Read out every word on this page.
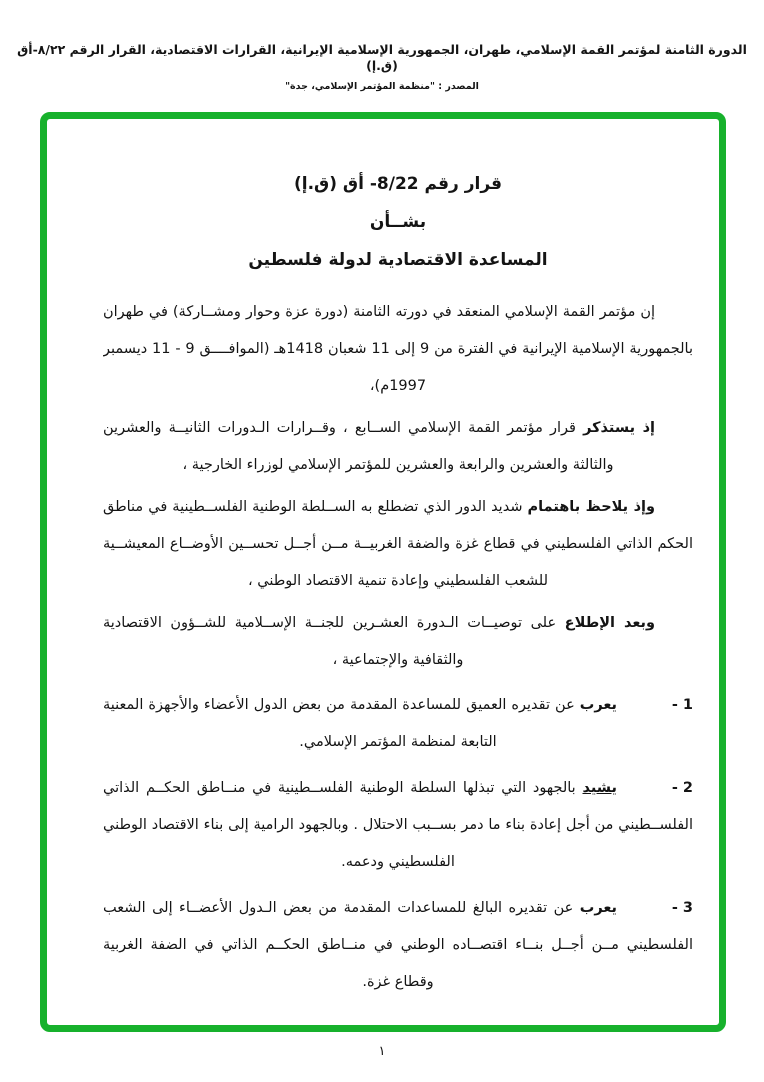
الدورة الثامنة لمؤتمر القمة الإسلامي، طهران، الجمهورية الإسلامية الإيرانية، القرارات الاقتصادية، القرار الرقم ٨/٢٢-أق (ق.إ)
المصدر : "منظمة المؤتمر الإسلامي، جدة"
قرار رقم 8/22- أق (ق.إ)
بشــأن
المساعدة الاقتصادية لدولة فلسطين

إن مؤتمر القمة الإسلامي المنعقد في دورته الثامنة (دورة عزة وحوار ومشــاركة) في طهران بالجمهورية الإسلامية الإيرانية في الفترة من 9 إلى 11 شعبان 1418هـ (الموافــــق 9 - 11 ديسمبر 1997م)،

إذ يستذكر قرار مؤتمر القمة الإسلامي الســابع ، وقــرارات الـدورات الثانيــة والعشرين والثالثة والعشرين والرابعة والعشرين للمؤتمر الإسلامي لوزراء الخارجية ،

وإذ يلاحظ باهتمام شديد الدور الذي تضطلع به الســلطة الوطنية الفلســطينية في مناطق الحكم الذاتي الفلسطيني في قطاع غزة والضفة الغربيــة مــن أجــل تحســين الأوضــاع المعيشــية للشعب الفلسطيني وإعادة تنمية الاقتصاد الوطني ،

وبعد الإطلاع على توصيــات الـدورة العشـرين للجنــة الإســلامية للشــؤون الاقتصادية والثقافية والإجتماعية ،

1 -
يعرب عن تقديره العميق للمساعدة المقدمة من بعض الدول الأعضاء والأجهزة المعنية التابعة لمنظمة المؤتمر الإسلامي.
2 -
يشيد بالجهود التي تبذلها السلطة الوطنية الفلســطينية في منــاطق الحكــم الذاتي الفلســطيني من أجل إعادة بناء ما دمر بســبب الاحتلال . وبالجهود الرامية إلى بناء الاقتصاد الوطني الفلسطيني ودعمه.
3 -
يعرب عن تقديره البالغ للمساعدات المقدمة من بعض الـدول الأعضــاء إلى الشعب الفلسطيني مــن أجــل بنــاء اقتصــاده الوطني في منــاطق الحكــم الذاتي في الضفة الغربية وقطاع غزة.
١
